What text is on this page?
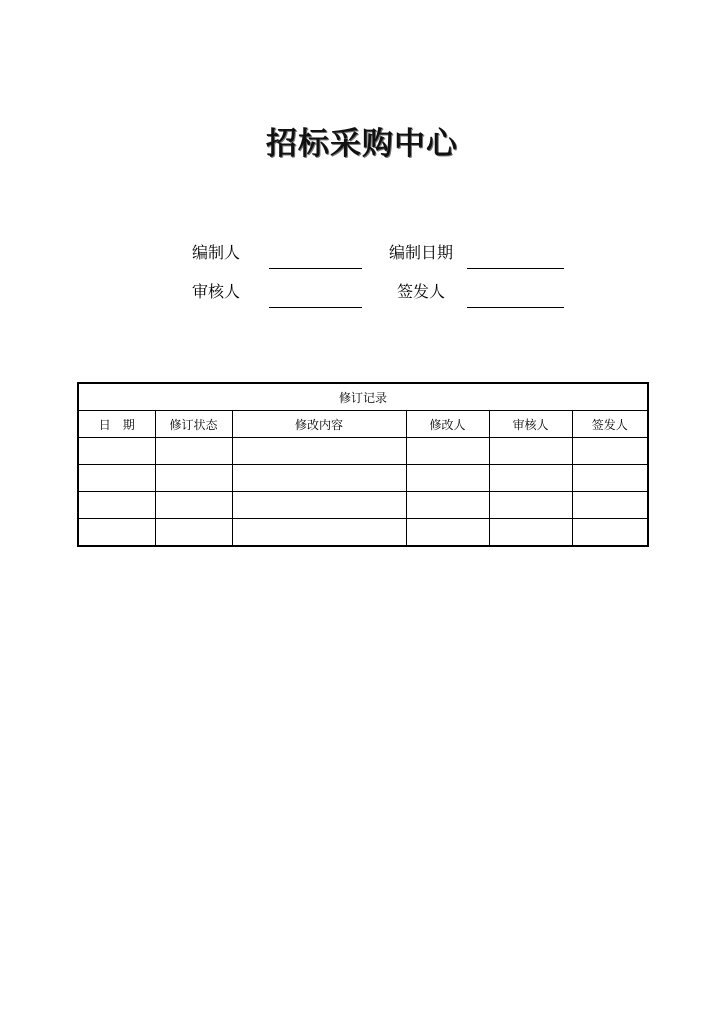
招标采购中心
编制人	编制日期
审核人	签发人
修订记录					
日　期	修订状态	修改内容	修改人	审核人	签发人
